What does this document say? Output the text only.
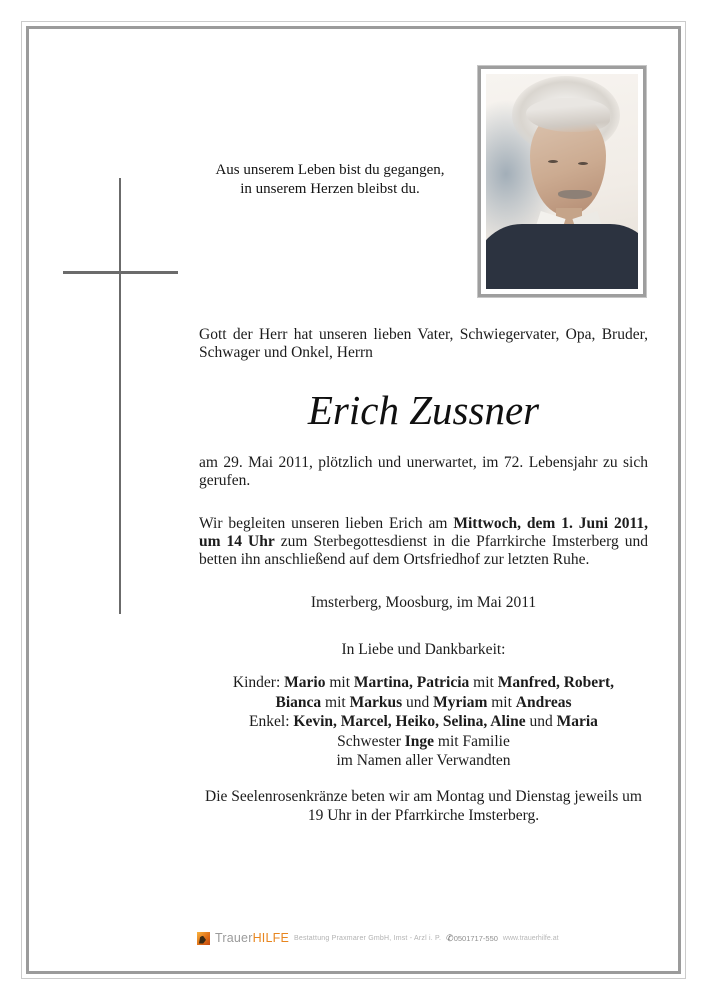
Aus unserem Leben bist du gegangen,
in unserem Herzen bleibst du.
Gott der Herr hat unseren lieben Vater, Schwiegervater, Opa, Bruder, Schwager und Onkel, Herrn
Erich Zussner
am 29. Mai 2011, plötzlich und unerwartet, im 72. Lebensjahr zu sich gerufen.
Wir begleiten unseren lieben Erich am Mittwoch, dem 1. Juni 2011, um 14 Uhr zum Sterbegottesdienst in die Pfarrkirche Imsterberg und betten ihn anschließend auf dem Ortsfriedhof zur letzten Ruhe.
Imsterberg, Moosburg, im Mai 2011
In Liebe und Dankbarkeit:
Kinder: Mario mit Martina, Patricia mit Manfred, Robert,
Bianca mit Markus und Myriam mit Andreas
Enkel: Kevin, Marcel, Heiko, Selina, Aline und Maria
Schwester Inge mit Familie
im Namen aller Verwandten
Die Seelenrosenkränze beten wir am Montag und Dienstag jeweils um 19 Uhr in der Pfarrkirche Imsterberg.
TrauerHILFE Bestattung Praxmarer GmbH, Imst - Arzl i. P. ✆0501717-550 www.trauerhilfe.at
